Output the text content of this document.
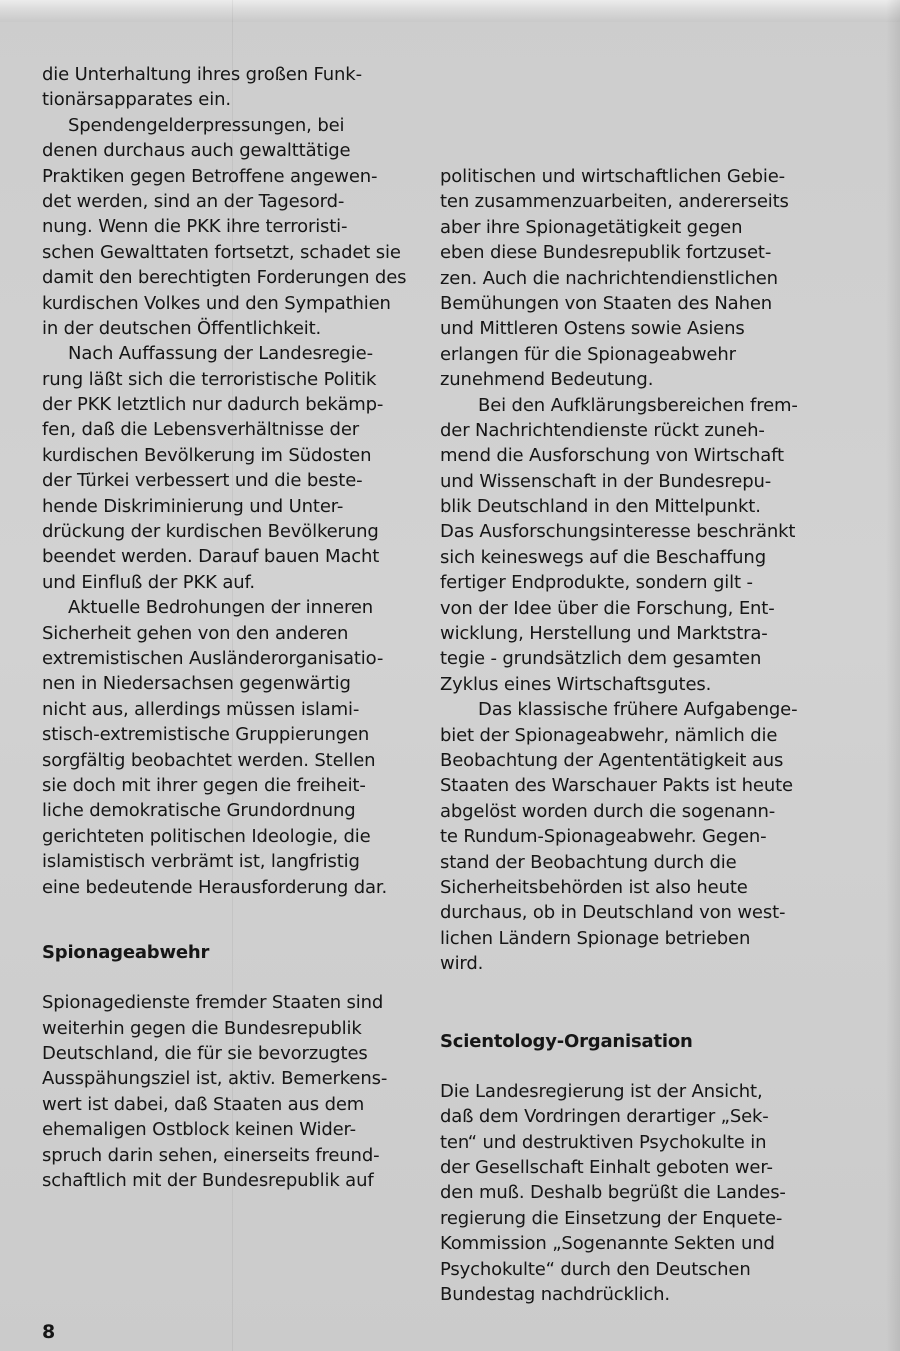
die Unterhaltung ihres großen Funk-
tionärsapparates ein.
Spendengelderpressungen, bei
denen durchaus auch gewalttätige
Praktiken gegen Betroffene angewen-
det werden, sind an der Tagesord-
nung. Wenn die PKK ihre terroristi-
schen Gewalttaten fortsetzt, schadet sie
damit den berechtigten Forderungen des
kurdischen Volkes und den Sympathien
in der deutschen Öffentlichkeit.
Nach Auffassung der Landesregie-
rung läßt sich die terroristische Politik
der PKK letztlich nur dadurch bekämp-
fen, daß die Lebensverhältnisse der
kurdischen Bevölkerung im Südosten
der Türkei verbessert und die beste-
hende Diskriminierung und Unter-
drückung der kurdischen Bevölkerung
beendet werden. Darauf bauen Macht
und Einfluß der PKK auf.
Aktuelle Bedrohungen der inneren
Sicherheit gehen von den anderen
extremistischen Ausländerorganisatio-
nen in Niedersachsen gegenwärtig
nicht aus, allerdings müssen islami-
stisch-extremistische Gruppierungen
sorgfältig beobachtet werden. Stellen
sie doch mit ihrer gegen die freiheit-
liche demokratische Grundordnung
gerichteten politischen Ideologie, die
islamistisch verbrämt ist, langfristig
eine bedeutende Herausforderung dar.
Spionageabwehr
Spionagedienste fremder Staaten sind
weiterhin gegen die Bundesrepublik
Deutschland, die für sie bevorzugtes
Ausspähungsziel ist, aktiv. Bemerkens-
wert ist dabei, daß Staaten aus dem
ehemaligen Ostblock keinen Wider-
spruch darin sehen, einerseits freund-
schaftlich mit der Bundesrepublik auf
politischen und wirtschaftlichen Gebie-
ten zusammenzuarbeiten, andererseits
aber ihre Spionagetätigkeit gegen
eben diese Bundesrepublik fortzuset-
zen. Auch die nachrichtendienstlichen
Bemühungen von Staaten des Nahen
und Mittleren Ostens sowie Asiens
erlangen für die Spionageabwehr
zunehmend Bedeutung.
Bei den Aufklärungsbereichen frem-
der Nachrichtendienste rückt zuneh-
mend die Ausforschung von Wirtschaft
und Wissenschaft in der Bundesrepu-
blik Deutschland in den Mittelpunkt.
Das Ausforschungsinteresse beschränkt
sich keineswegs auf die Beschaffung
fertiger Endprodukte, sondern gilt -
von der Idee über die Forschung, Ent-
wicklung, Herstellung und Marktstra-
tegie - grundsätzlich dem gesamten
Zyklus eines Wirtschaftsgutes.
Das klassische frühere Aufgabenge-
biet der Spionageabwehr, nämlich die
Beobachtung der Agententätigkeit aus
Staaten des Warschauer Pakts ist heute
abgelöst worden durch die sogenann-
te Rundum-Spionageabwehr. Gegen-
stand der Beobachtung durch die
Sicherheitsbehörden ist also heute
durchaus, ob in Deutschland von west-
lichen Ländern Spionage betrieben
wird.
Scientology-Organisation
Die Landesregierung ist der Ansicht,
daß dem Vordringen derartiger „Sek-
ten“ und destruktiven Psychokulte in
der Gesellschaft Einhalt geboten wer-
den muß. Deshalb begrüßt die Landes-
regierung die Einsetzung der Enquete-
Kommission „Sogenannte Sekten und
Psychokulte“ durch den Deutschen
Bundestag nachdrücklich.
8
